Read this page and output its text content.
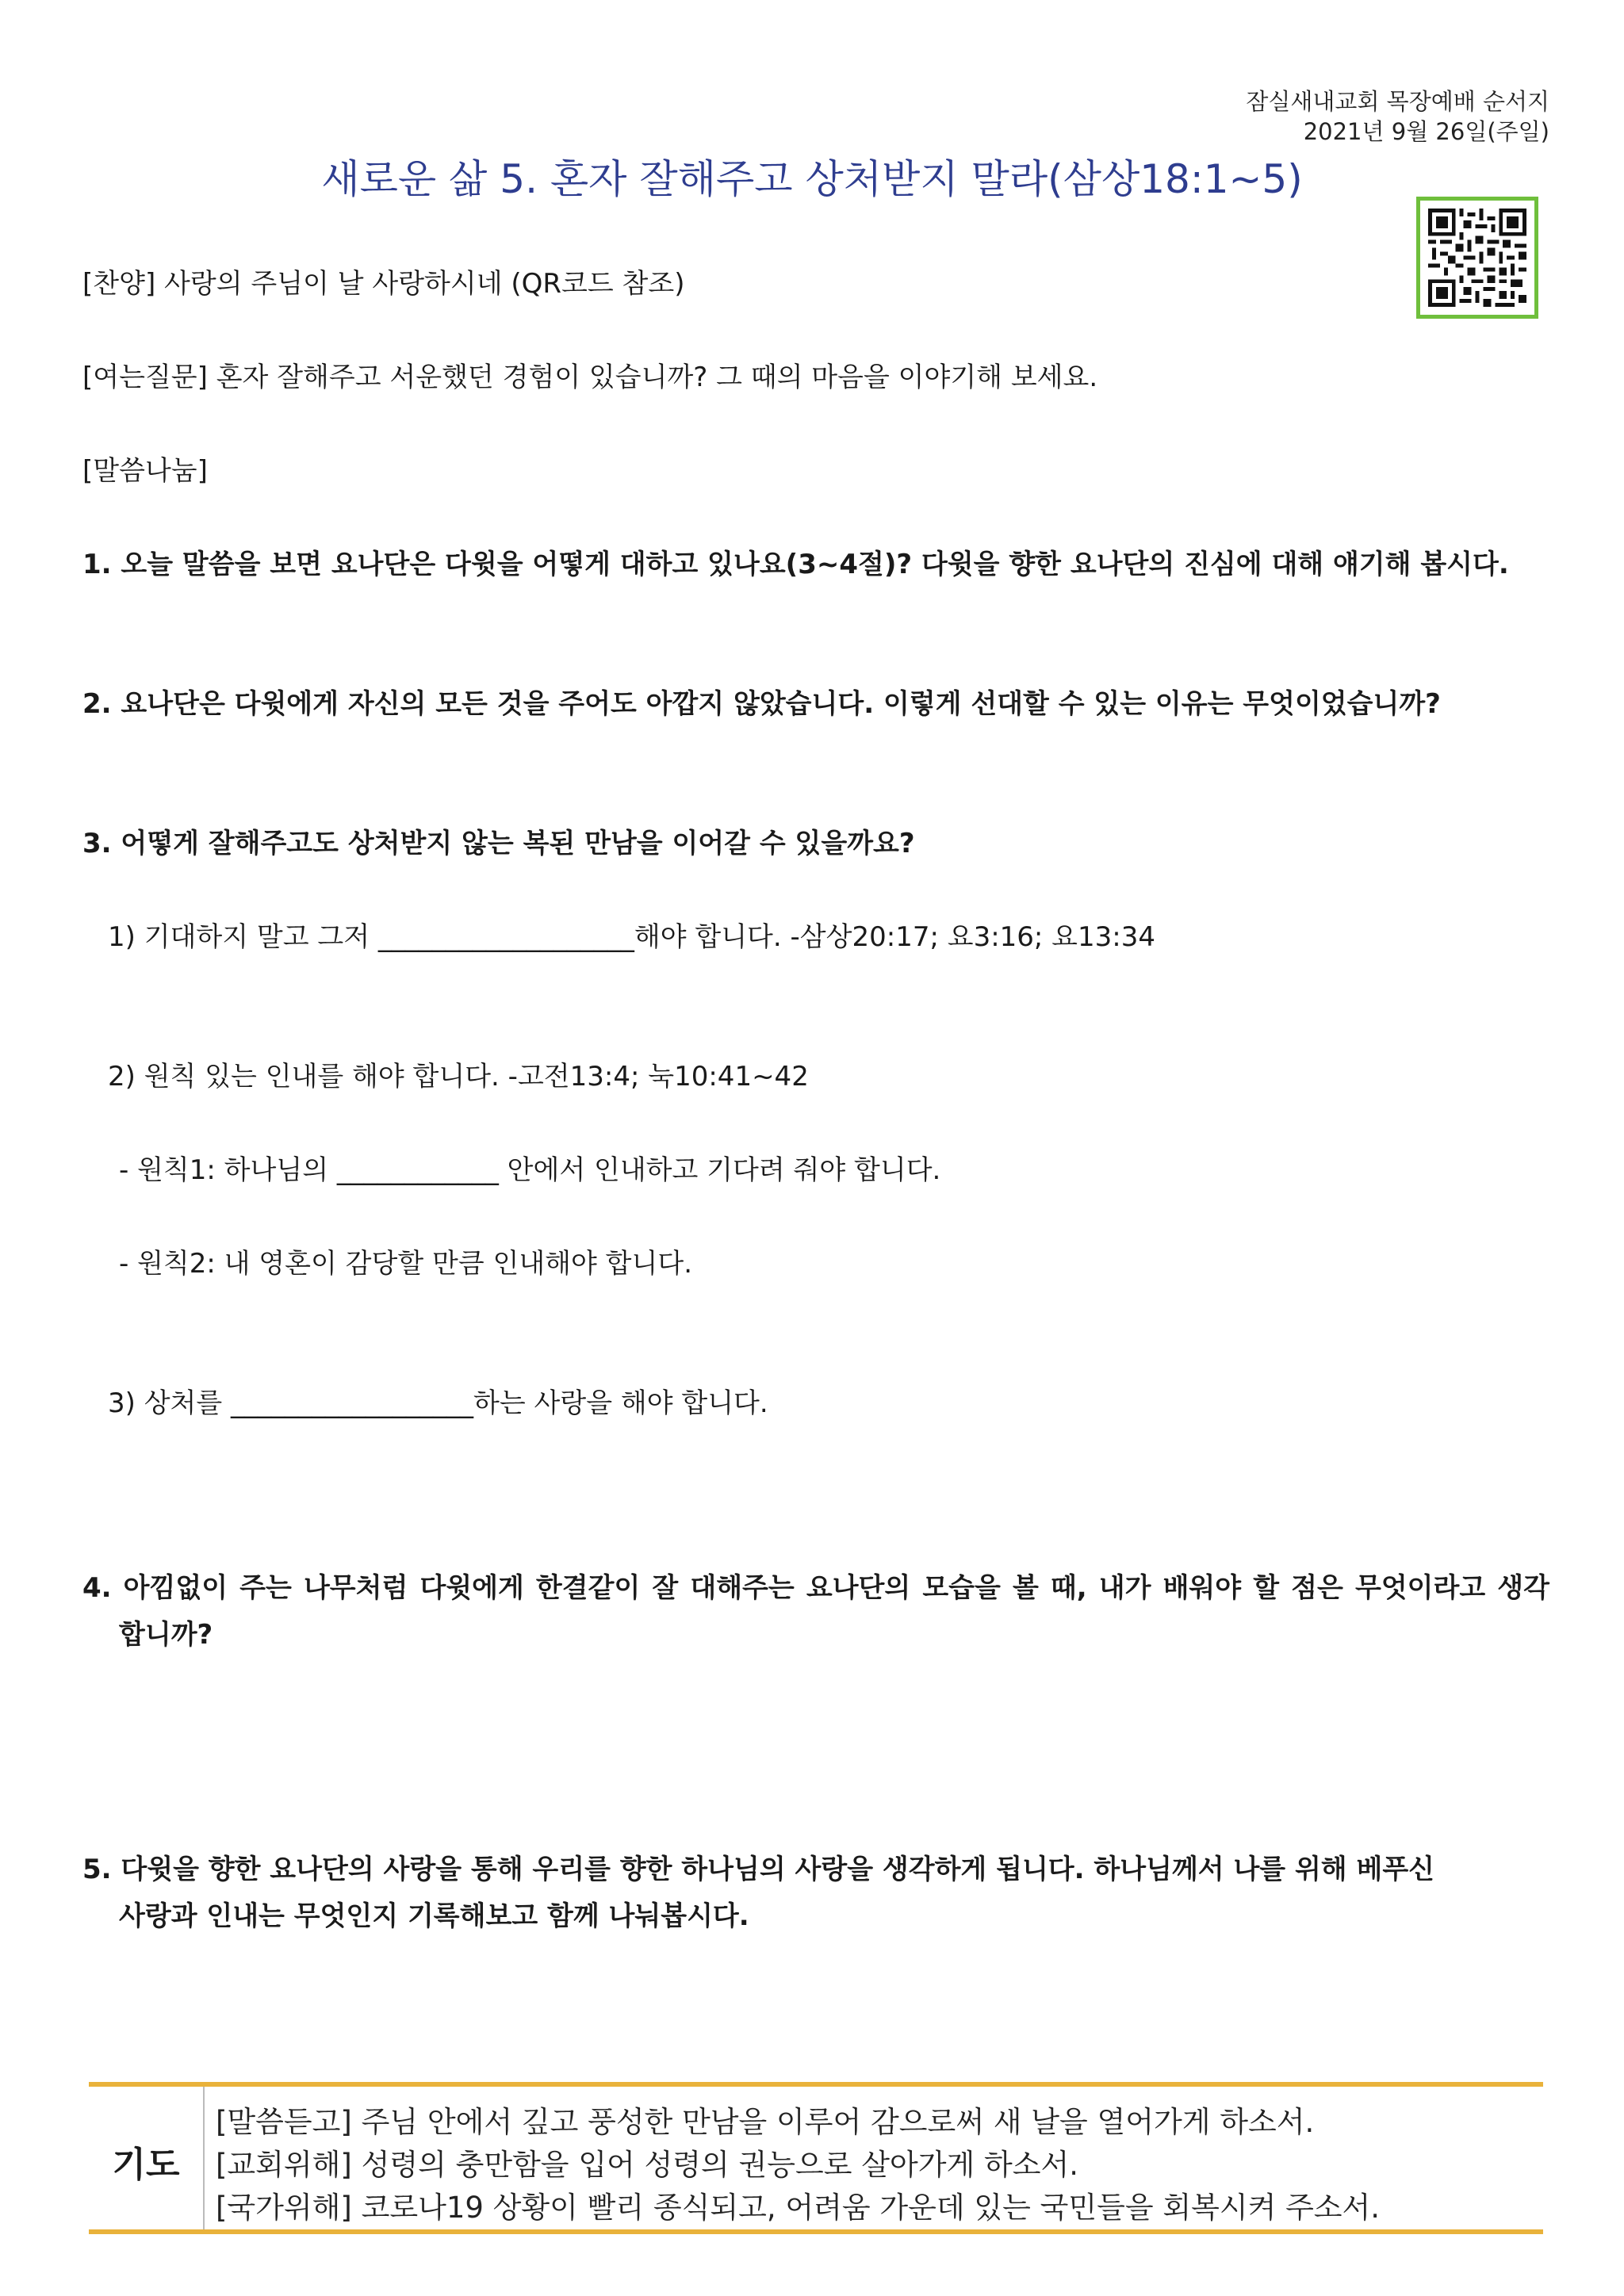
잠실새내교회 목장예배 순서지
2021년 9월 26일(주일)
새로운 삶 5. 혼자 잘해주고 상처받지 말라(삼상18:1~5)
[찬양] 사랑의 주님이 날 사랑하시네 (QR코드 참조)
[여는질문] 혼자 잘해주고 서운했던 경험이 있습니까? 그 때의 마음을 이야기해 보세요.
[말씀나눔]
1. 오늘 말씀을 보면 요나단은 다윗을 어떻게 대하고 있나요(3~4절)? 다윗을 향한 요나단의 진심에 대해 얘기해 봅시다.
2. 요나단은 다윗에게 자신의 모든 것을 주어도 아깝지 않았습니다. 이렇게 선대할 수 있는 이유는 무엇이었습니까?
3. 어떻게 잘해주고도 상처받지 않는 복된 만남을 이어갈 수 있을까요?
1) 기대하지 말고 그저 ___________________해야 합니다. -삼상20:17; 요3:16; 요13:34
2) 원칙 있는 인내를 해야 합니다. -고전13:4; 눅10:41~42
- 원칙1: 하나님의 ____________ 안에서 인내하고 기다려 줘야 합니다.
- 원칙2: 내 영혼이 감당할 만큼 인내해야 합니다.
3) 상처를 __________________하는 사랑을 해야 합니다.
4. 아낌없이 주는 나무처럼 다윗에게 한결같이 잘 대해주는 요나단의 모습을 볼 때, 내가 배워야 할 점은 무엇이라고 생각
합니까?
5. 다윗을 향한 요나단의 사랑을 통해 우리를 향한 하나님의 사랑을 생각하게 됩니다. 하나님께서 나를 위해 베푸신
사랑과 인내는 무엇인지 기록해보고 함께 나눠봅시다.
기도
[말씀듣고] 주님 안에서 깊고 풍성한 만남을 이루어 감으로써 새 날을 열어가게 하소서.
[교회위해] 성령의 충만함을 입어 성령의 권능으로 살아가게 하소서.
[국가위해] 코로나19 상황이 빨리 종식되고, 어려움 가운데 있는 국민들을 회복시켜 주소서.
